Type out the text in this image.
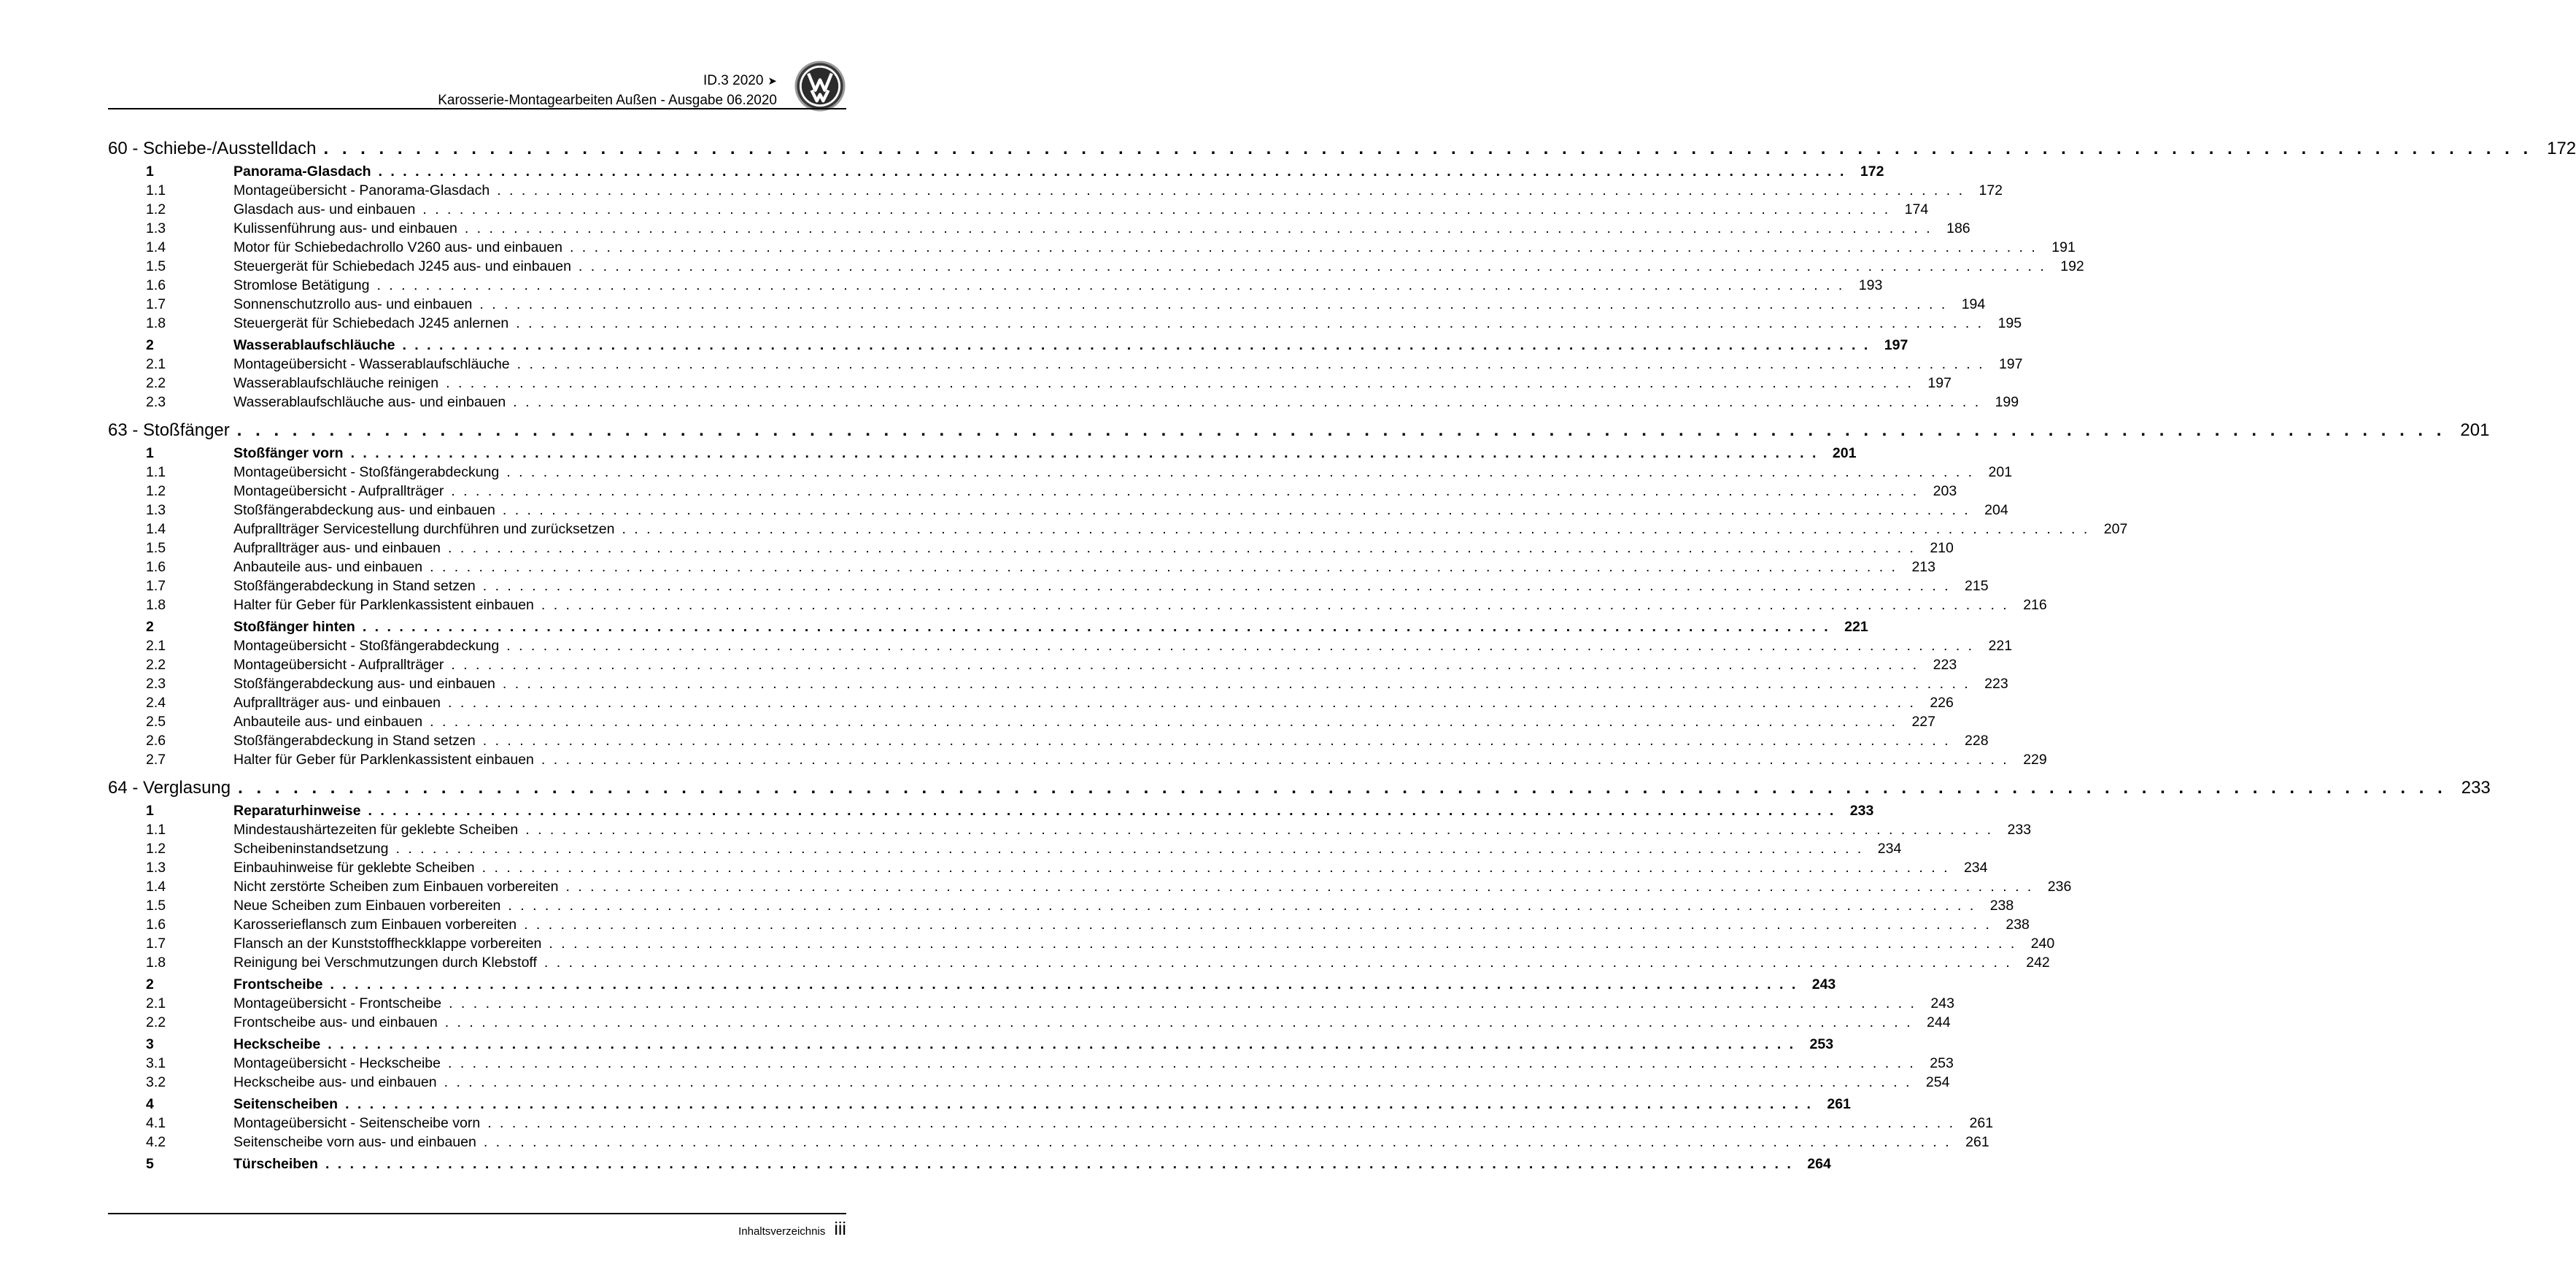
ID.3 2020 ➤
Karosserie-Montagearbeiten Außen - Ausgabe 06.2020
60 - Schiebe-/Ausstelldach . . . . . . . . . . . . . . . . . . . . . . . . . . . . . . . . . . . . . . . . . . . . . . . . . . . . . . . . . . . . . . . . . . . . . . . . . . . . . . . . . . . . . . . . . . . . . . . . . . . . . . . . . . . . . . . . . . . . . . . . 172
1	Panorama-Glasdach . . . . . . . . . . . . . . . . . . . . . . . . . . . . . . . . . . . . . . . . . . . . . . . . . . . . . . . . . . . . . . . . . . . . . . . . . . . . . . . . . . . . . . . . . . . . . . . . . . . . . . . . . . . . . . . . . . . . . . . . 172
1.1	Montageübersicht - Panorama-Glasdach . . . . . . . . . . . . . . . . . . . . . . . . . . . . . . . . . . . . . . . . . . . . . . . . . . . . . . . . . . . . . . . . . . . . . . . . . . . . . . . . . . . . . . . . . . . . . . . . . . . . . . . . . . . . . . . . . . . . . . . . 172
1.2	Glasdach aus- und einbauen . . . . . . . . . . . . . . . . . . . . . . . . . . . . . . . . . . . . . . . . . . . . . . . . . . . . . . . . . . . . . . . . . . . . . . . . . . . . . . . . . . . . . . . . . . . . . . . . . . . . . . . . . . . . . . . . . . . . . . . . 174
1.3	Kulissenführung aus- und einbauen . . . . . . . . . . . . . . . . . . . . . . . . . . . . . . . . . . . . . . . . . . . . . . . . . . . . . . . . . . . . . . . . . . . . . . . . . . . . . . . . . . . . . . . . . . . . . . . . . . . . . . . . . . . . . . . . . . . . . . . . 186
1.4	Motor für Schiebedachrollo V260 aus- und einbauen . . . . . . . . . . . . . . . . . . . . . . . . . . . . . . . . . . . . . . . . . . . . . . . . . . . . . . . . . . . . . . . . . . . . . . . . . . . . . . . . . . . . . . . . . . . . . . . . . . . . . . . . . . . . . . . . . . . . . . . . 191
1.5	Steuergerät für Schiebedach J245 aus- und einbauen . . . . . . . . . . . . . . . . . . . . . . . . . . . . . . . . . . . . . . . . . . . . . . . . . . . . . . . . . . . . . . . . . . . . . . . . . . . . . . . . . . . . . . . . . . . . . . . . . . . . . . . . . . . . . . . . . . . . . . . . 192
1.6	Stromlose Betätigung . . . . . . . . . . . . . . . . . . . . . . . . . . . . . . . . . . . . . . . . . . . . . . . . . . . . . . . . . . . . . . . . . . . . . . . . . . . . . . . . . . . . . . . . . . . . . . . . . . . . . . . . . . . . . . . . . . . . . . . . 193
1.7	Sonnenschutzrollo aus- und einbauen . . . . . . . . . . . . . . . . . . . . . . . . . . . . . . . . . . . . . . . . . . . . . . . . . . . . . . . . . . . . . . . . . . . . . . . . . . . . . . . . . . . . . . . . . . . . . . . . . . . . . . . . . . . . . . . . . . . . . . . . 194
1.8	Steuergerät für Schiebedach J245 anlernen . . . . . . . . . . . . . . . . . . . . . . . . . . . . . . . . . . . . . . . . . . . . . . . . . . . . . . . . . . . . . . . . . . . . . . . . . . . . . . . . . . . . . . . . . . . . . . . . . . . . . . . . . . . . . . . . . . . . . . . . 195
2	Wasserablaufschläuche . . . . . . . . . . . . . . . . . . . . . . . . . . . . . . . . . . . . . . . . . . . . . . . . . . . . . . . . . . . . . . . . . . . . . . . . . . . . . . . . . . . . . . . . . . . . . . . . . . . . . . . . . . . . . . . . . . . . . . . . 197
2.1	Montageübersicht - Wasserablaufschläuche . . . . . . . . . . . . . . . . . . . . . . . . . . . . . . . . . . . . . . . . . . . . . . . . . . . . . . . . . . . . . . . . . . . . . . . . . . . . . . . . . . . . . . . . . . . . . . . . . . . . . . . . . . . . . . . . . . . . . . . . 197
2.2	Wasserablaufschläuche reinigen . . . . . . . . . . . . . . . . . . . . . . . . . . . . . . . . . . . . . . . . . . . . . . . . . . . . . . . . . . . . . . . . . . . . . . . . . . . . . . . . . . . . . . . . . . . . . . . . . . . . . . . . . . . . . . . . . . . . . . . . 197
2.3	Wasserablaufschläuche aus- und einbauen . . . . . . . . . . . . . . . . . . . . . . . . . . . . . . . . . . . . . . . . . . . . . . . . . . . . . . . . . . . . . . . . . . . . . . . . . . . . . . . . . . . . . . . . . . . . . . . . . . . . . . . . . . . . . . . . . . . . . . . . 199
63 - Stoßfänger . . . . . . . . . . . . . . . . . . . . . . . . . . . . . . . . . . . . . . . . . . . . . . . . . . . . . . . . . . . . . . . . . . . . . . . . . . . . . . . . . . . . . . . . . . . . . . . . . . . . . . . . . . . . . . . . . . . . . . . . 201
1	Stoßfänger vorn . . . . . . . . . . . . . . . . . . . . . . . . . . . . . . . . . . . . . . . . . . . . . . . . . . . . . . . . . . . . . . . . . . . . . . . . . . . . . . . . . . . . . . . . . . . . . . . . . . . . . . . . . . . . . . . . . . . . . . . . 201
1.1	Montageübersicht - Stoßfängerabdeckung . . . . . . . . . . . . . . . . . . . . . . . . . . . . . . . . . . . . . . . . . . . . . . . . . . . . . . . . . . . . . . . . . . . . . . . . . . . . . . . . . . . . . . . . . . . . . . . . . . . . . . . . . . . . . . . . . . . . . . . . 201
1.2	Montageübersicht - Aufprallträger . . . . . . . . . . . . . . . . . . . . . . . . . . . . . . . . . . . . . . . . . . . . . . . . . . . . . . . . . . . . . . . . . . . . . . . . . . . . . . . . . . . . . . . . . . . . . . . . . . . . . . . . . . . . . . . . . . . . . . . . 203
1.3	Stoßfängerabdeckung aus- und einbauen . . . . . . . . . . . . . . . . . . . . . . . . . . . . . . . . . . . . . . . . . . . . . . . . . . . . . . . . . . . . . . . . . . . . . . . . . . . . . . . . . . . . . . . . . . . . . . . . . . . . . . . . . . . . . . . . . . . . . . . . 204
1.4	Aufprallträger Servicestellung durchführen und zurücksetzen . . . . . . . . . . . . . . . . . . . . . . . . . . . . . . . . . . . . . . . . . . . . . . . . . . . . . . . . . . . . . . . . . . . . . . . . . . . . . . . . . . . . . . . . . . . . . . . . . . . . . . . . . . . . . . . . . . . . . . . . 207
1.5	Aufprallträger aus- und einbauen . . . . . . . . . . . . . . . . . . . . . . . . . . . . . . . . . . . . . . . . . . . . . . . . . . . . . . . . . . . . . . . . . . . . . . . . . . . . . . . . . . . . . . . . . . . . . . . . . . . . . . . . . . . . . . . . . . . . . . . . 210
1.6	Anbauteile aus- und einbauen . . . . . . . . . . . . . . . . . . . . . . . . . . . . . . . . . . . . . . . . . . . . . . . . . . . . . . . . . . . . . . . . . . . . . . . . . . . . . . . . . . . . . . . . . . . . . . . . . . . . . . . . . . . . . . . . . . . . . . . . 213
1.7	Stoßfängerabdeckung in Stand setzen . . . . . . . . . . . . . . . . . . . . . . . . . . . . . . . . . . . . . . . . . . . . . . . . . . . . . . . . . . . . . . . . . . . . . . . . . . . . . . . . . . . . . . . . . . . . . . . . . . . . . . . . . . . . . . . . . . . . . . . . 215
1.8	Halter für Geber für Parklenkassistent einbauen . . . . . . . . . . . . . . . . . . . . . . . . . . . . . . . . . . . . . . . . . . . . . . . . . . . . . . . . . . . . . . . . . . . . . . . . . . . . . . . . . . . . . . . . . . . . . . . . . . . . . . . . . . . . . . . . . . . . . . . . 216
2	Stoßfänger hinten . . . . . . . . . . . . . . . . . . . . . . . . . . . . . . . . . . . . . . . . . . . . . . . . . . . . . . . . . . . . . . . . . . . . . . . . . . . . . . . . . . . . . . . . . . . . . . . . . . . . . . . . . . . . . . . . . . . . . . . . 221
2.1	Montageübersicht - Stoßfängerabdeckung . . . . . . . . . . . . . . . . . . . . . . . . . . . . . . . . . . . . . . . . . . . . . . . . . . . . . . . . . . . . . . . . . . . . . . . . . . . . . . . . . . . . . . . . . . . . . . . . . . . . . . . . . . . . . . . . . . . . . . . . 221
2.2	Montageübersicht - Aufprallträger . . . . . . . . . . . . . . . . . . . . . . . . . . . . . . . . . . . . . . . . . . . . . . . . . . . . . . . . . . . . . . . . . . . . . . . . . . . . . . . . . . . . . . . . . . . . . . . . . . . . . . . . . . . . . . . . . . . . . . . . 223
2.3	Stoßfängerabdeckung aus- und einbauen . . . . . . . . . . . . . . . . . . . . . . . . . . . . . . . . . . . . . . . . . . . . . . . . . . . . . . . . . . . . . . . . . . . . . . . . . . . . . . . . . . . . . . . . . . . . . . . . . . . . . . . . . . . . . . . . . . . . . . . . 223
2.4	Aufprallträger aus- und einbauen . . . . . . . . . . . . . . . . . . . . . . . . . . . . . . . . . . . . . . . . . . . . . . . . . . . . . . . . . . . . . . . . . . . . . . . . . . . . . . . . . . . . . . . . . . . . . . . . . . . . . . . . . . . . . . . . . . . . . . . . 226
2.5	Anbauteile aus- und einbauen . . . . . . . . . . . . . . . . . . . . . . . . . . . . . . . . . . . . . . . . . . . . . . . . . . . . . . . . . . . . . . . . . . . . . . . . . . . . . . . . . . . . . . . . . . . . . . . . . . . . . . . . . . . . . . . . . . . . . . . . 227
2.6	Stoßfängerabdeckung in Stand setzen . . . . . . . . . . . . . . . . . . . . . . . . . . . . . . . . . . . . . . . . . . . . . . . . . . . . . . . . . . . . . . . . . . . . . . . . . . . . . . . . . . . . . . . . . . . . . . . . . . . . . . . . . . . . . . . . . . . . . . . . 228
2.7	Halter für Geber für Parklenkassistent einbauen . . . . . . . . . . . . . . . . . . . . . . . . . . . . . . . . . . . . . . . . . . . . . . . . . . . . . . . . . . . . . . . . . . . . . . . . . . . . . . . . . . . . . . . . . . . . . . . . . . . . . . . . . . . . . . . . . . . . . . . . 229
64 - Verglasung . . . . . . . . . . . . . . . . . . . . . . . . . . . . . . . . . . . . . . . . . . . . . . . . . . . . . . . . . . . . . . . . . . . . . . . . . . . . . . . . . . . . . . . . . . . . . . . . . . . . . . . . . . . . . . . . . . . . . . . . 233
1	Reparaturhinweise . . . . . . . . . . . . . . . . . . . . . . . . . . . . . . . . . . . . . . . . . . . . . . . . . . . . . . . . . . . . . . . . . . . . . . . . . . . . . . . . . . . . . . . . . . . . . . . . . . . . . . . . . . . . . . . . . . . . . . . . 233
1.1	Mindestaushärtezeiten für geklebte Scheiben . . . . . . . . . . . . . . . . . . . . . . . . . . . . . . . . . . . . . . . . . . . . . . . . . . . . . . . . . . . . . . . . . . . . . . . . . . . . . . . . . . . . . . . . . . . . . . . . . . . . . . . . . . . . . . . . . . . . . . . . 233
1.2	Scheibeninstandsetzung . . . . . . . . . . . . . . . . . . . . . . . . . . . . . . . . . . . . . . . . . . . . . . . . . . . . . . . . . . . . . . . . . . . . . . . . . . . . . . . . . . . . . . . . . . . . . . . . . . . . . . . . . . . . . . . . . . . . . . . . 234
1.3	Einbauhinweise für geklebte Scheiben . . . . . . . . . . . . . . . . . . . . . . . . . . . . . . . . . . . . . . . . . . . . . . . . . . . . . . . . . . . . . . . . . . . . . . . . . . . . . . . . . . . . . . . . . . . . . . . . . . . . . . . . . . . . . . . . . . . . . . . . 234
1.4	Nicht zerstörte Scheiben zum Einbauen vorbereiten . . . . . . . . . . . . . . . . . . . . . . . . . . . . . . . . . . . . . . . . . . . . . . . . . . . . . . . . . . . . . . . . . . . . . . . . . . . . . . . . . . . . . . . . . . . . . . . . . . . . . . . . . . . . . . . . . . . . . . . . 236
1.5	Neue Scheiben zum Einbauen vorbereiten . . . . . . . . . . . . . . . . . . . . . . . . . . . . . . . . . . . . . . . . . . . . . . . . . . . . . . . . . . . . . . . . . . . . . . . . . . . . . . . . . . . . . . . . . . . . . . . . . . . . . . . . . . . . . . . . . . . . . . . . 238
1.6	Karosserieflansch zum Einbauen vorbereiten . . . . . . . . . . . . . . . . . . . . . . . . . . . . . . . . . . . . . . . . . . . . . . . . . . . . . . . . . . . . . . . . . . . . . . . . . . . . . . . . . . . . . . . . . . . . . . . . . . . . . . . . . . . . . . . . . . . . . . . . 238
1.7	Flansch an der Kunststoffheckklappe vorbereiten . . . . . . . . . . . . . . . . . . . . . . . . . . . . . . . . . . . . . . . . . . . . . . . . . . . . . . . . . . . . . . . . . . . . . . . . . . . . . . . . . . . . . . . . . . . . . . . . . . . . . . . . . . . . . . . . . . . . . . . . 240
1.8	Reinigung bei Verschmutzungen durch Klebstoff . . . . . . . . . . . . . . . . . . . . . . . . . . . . . . . . . . . . . . . . . . . . . . . . . . . . . . . . . . . . . . . . . . . . . . . . . . . . . . . . . . . . . . . . . . . . . . . . . . . . . . . . . . . . . . . . . . . . . . . . 242
2	Frontscheibe . . . . . . . . . . . . . . . . . . . . . . . . . . . . . . . . . . . . . . . . . . . . . . . . . . . . . . . . . . . . . . . . . . . . . . . . . . . . . . . . . . . . . . . . . . . . . . . . . . . . . . . . . . . . . . . . . . . . . . . . 243
2.1	Montageübersicht - Frontscheibe . . . . . . . . . . . . . . . . . . . . . . . . . . . . . . . . . . . . . . . . . . . . . . . . . . . . . . . . . . . . . . . . . . . . . . . . . . . . . . . . . . . . . . . . . . . . . . . . . . . . . . . . . . . . . . . . . . . . . . . . 243
2.2	Frontscheibe aus- und einbauen . . . . . . . . . . . . . . . . . . . . . . . . . . . . . . . . . . . . . . . . . . . . . . . . . . . . . . . . . . . . . . . . . . . . . . . . . . . . . . . . . . . . . . . . . . . . . . . . . . . . . . . . . . . . . . . . . . . . . . . . 244
3	Heckscheibe . . . . . . . . . . . . . . . . . . . . . . . . . . . . . . . . . . . . . . . . . . . . . . . . . . . . . . . . . . . . . . . . . . . . . . . . . . . . . . . . . . . . . . . . . . . . . . . . . . . . . . . . . . . . . . . . . . . . . . . . 253
3.1	Montageübersicht - Heckscheibe . . . . . . . . . . . . . . . . . . . . . . . . . . . . . . . . . . . . . . . . . . . . . . . . . . . . . . . . . . . . . . . . . . . . . . . . . . . . . . . . . . . . . . . . . . . . . . . . . . . . . . . . . . . . . . . . . . . . . . . . 253
3.2	Heckscheibe aus- und einbauen . . . . . . . . . . . . . . . . . . . . . . . . . . . . . . . . . . . . . . . . . . . . . . . . . . . . . . . . . . . . . . . . . . . . . . . . . . . . . . . . . . . . . . . . . . . . . . . . . . . . . . . . . . . . . . . . . . . . . . . . 254
4	Seitenscheiben . . . . . . . . . . . . . . . . . . . . . . . . . . . . . . . . . . . . . . . . . . . . . . . . . . . . . . . . . . . . . . . . . . . . . . . . . . . . . . . . . . . . . . . . . . . . . . . . . . . . . . . . . . . . . . . . . . . . . . . . 261
4.1	Montageübersicht - Seitenscheibe vorn . . . . . . . . . . . . . . . . . . . . . . . . . . . . . . . . . . . . . . . . . . . . . . . . . . . . . . . . . . . . . . . . . . . . . . . . . . . . . . . . . . . . . . . . . . . . . . . . . . . . . . . . . . . . . . . . . . . . . . . . 261
4.2	Seitenscheibe vorn aus- und einbauen . . . . . . . . . . . . . . . . . . . . . . . . . . . . . . . . . . . . . . . . . . . . . . . . . . . . . . . . . . . . . . . . . . . . . . . . . . . . . . . . . . . . . . . . . . . . . . . . . . . . . . . . . . . . . . . . . . . . . . . . 261
5	Türscheiben . . . . . . . . . . . . . . . . . . . . . . . . . . . . . . . . . . . . . . . . . . . . . . . . . . . . . . . . . . . . . . . . . . . . . . . . . . . . . . . . . . . . . . . . . . . . . . . . . . . . . . . . . . . . . . . . . . . . . . . . 264
Inhaltsverzeichnis iii
